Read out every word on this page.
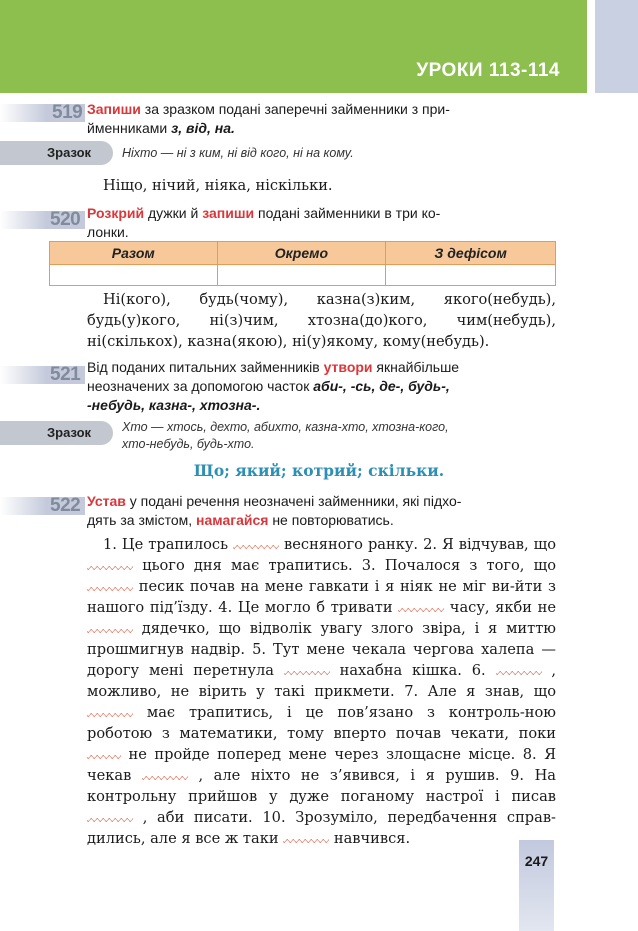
УРОКИ 113-114
519 Запиши за зразком подані заперечні займенники з при-
йменниками з, від, на.
Зразок	Ніхто — ні з ким, ні від кого, ні на кому.
Ніщо, нічий, ніяка, ніскільки.
520 Розкрий дужки й запиши подані займенники в три ко-
лонки.
Разом	Окремо	З дефісом

Ні(кого), будь(чому), казна(з)ким, якого(небудь), будь(у)кого, ні(з)чим, хтозна(до)кого, чим(небудь), ні(скількох), казна(якою), ні(у)якому, кому(небудь).

521 Від поданих питальних займенників утвори якнайбільше
неозначених за допомогою часток аби-, -сь, де-, будь-,
-небудь, казна-, хтозна-.
Зразок	Хто — хтось, дехто, абихто, казна-хто, хтозна-кого,
хто-небудь, будь-хто.
Що; який; котрий; скільки.
522 Устав у подані речення неозначені займенники, які підхо-
дять за змістом, намагайся не повторюватись.

1. Це трапилось	весняного ранку. 2. Я відчував, що  цього дня має трапитись. 3. Почалося з того, що  песик почав на мене гавкати і я ніяк не міг ви-йти з нашого під’їзду. 4. Це могло б тривати	часу, якби не  дядечко, що відволік увагу злого звіра, і я миттю прошмигнув надвір. 5. Тут мене чекала чергова халепа — дорогу мені перетнула	нахабна кішка. 6.	, можливо, не вірить у такі прикмети. 7. Але я знав, що  має трапитись, і це пов’язано з контроль-ною роботою з математики, тому вперто почав чекати, поки  не пройде поперед мене через злощасне місце. 8. Я чекав	, але ніхто не з’явився, і я рушив. 9. На контрольну прийшов у дуже поганому настрої і писав  , аби писати. 10. Зрозуміло, передбачення справ-дились, але я все ж таки	навчився.

247
